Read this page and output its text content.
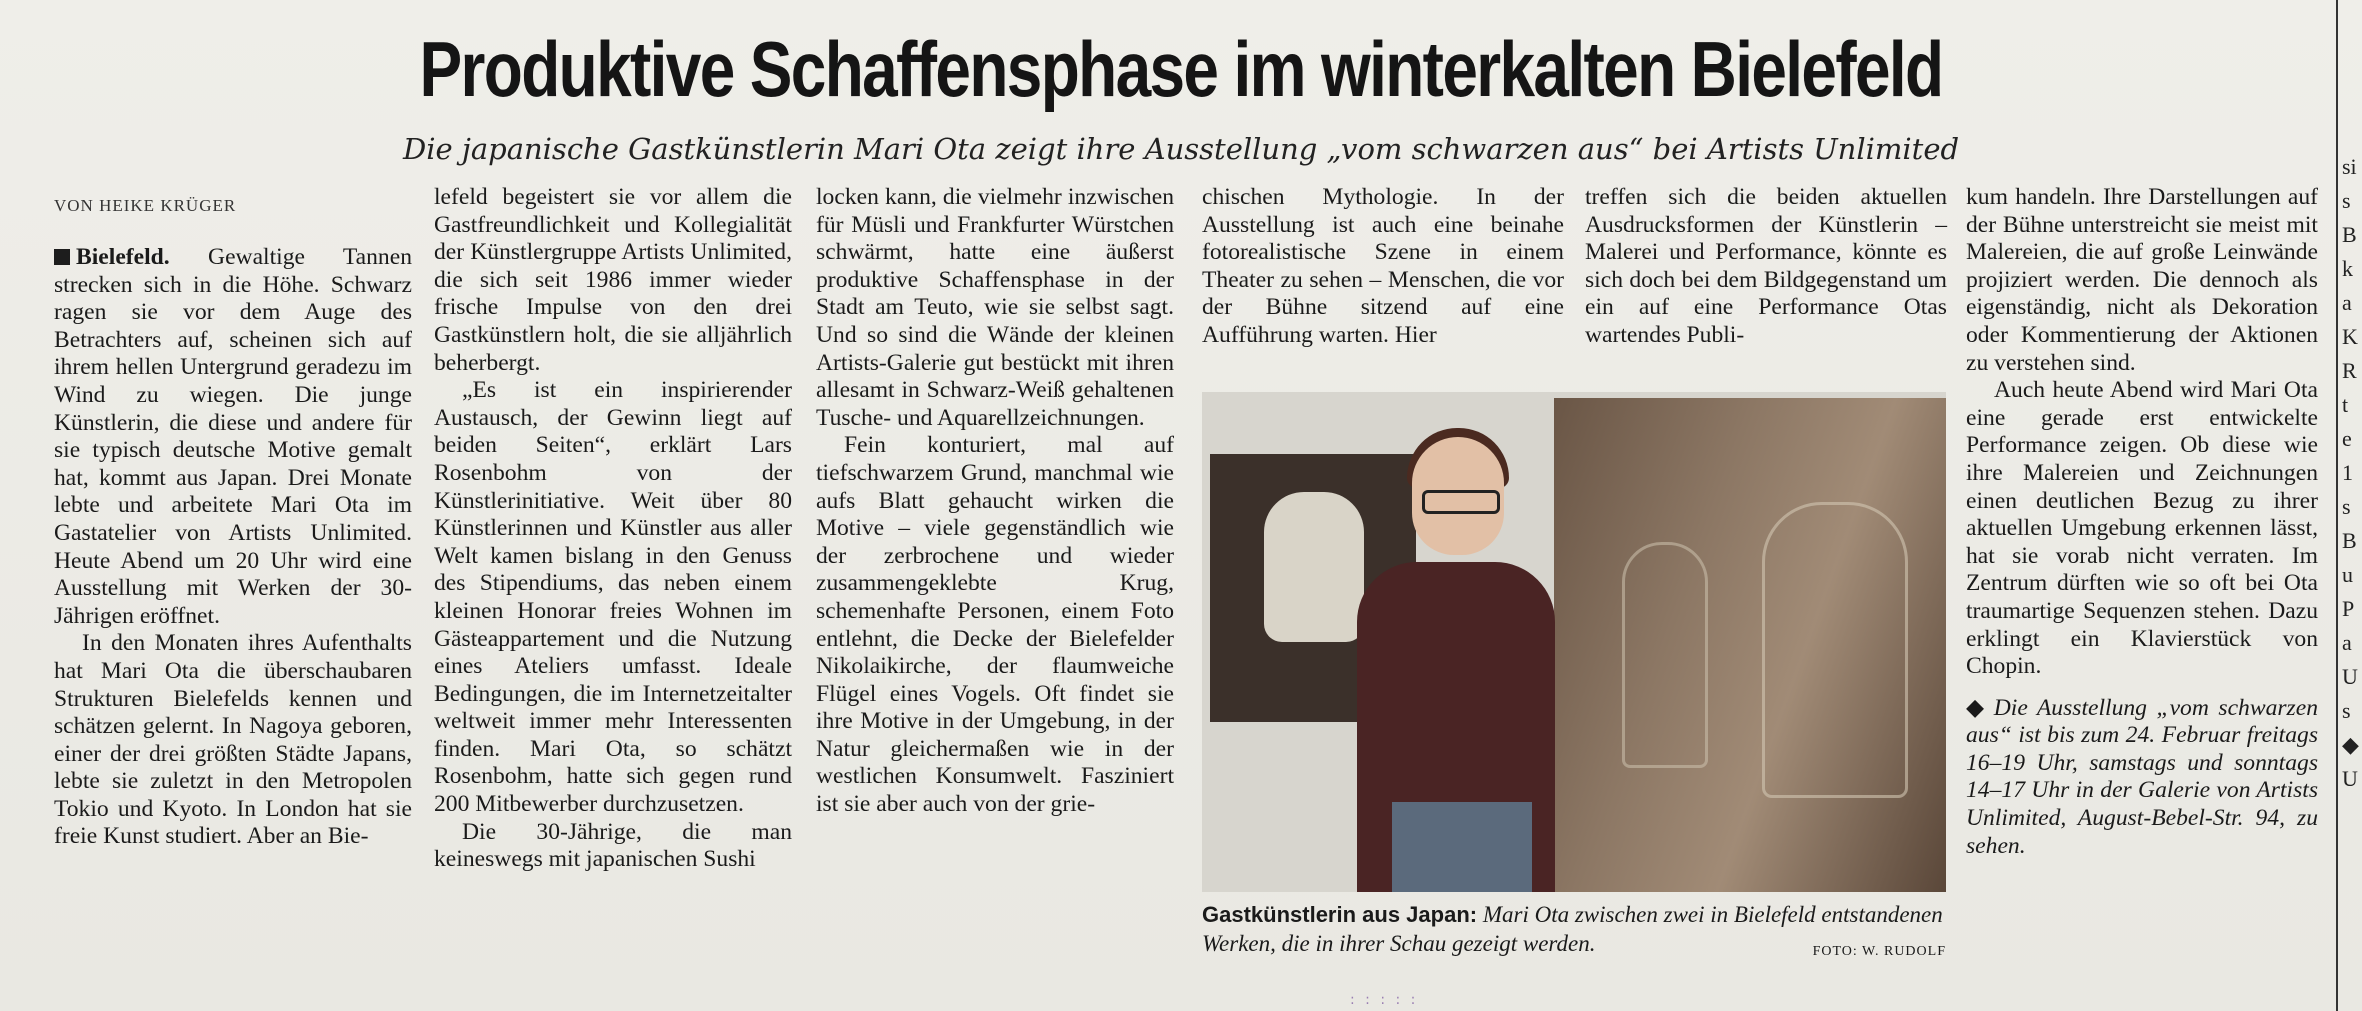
Produktive Schaffensphase im winterkalten Bielefeld
Die japanische Gastkünstlerin Mari Ota zeigt ihre Ausstellung „vom schwarzen aus“ bei Artists Unlimited
VON HEIKE KRÜGER

Bielefeld. Gewaltige Tannen strecken sich in die Höhe. Schwarz ragen sie vor dem Auge des Betrachters auf, scheinen sich auf ihrem hellen Untergrund geradezu im Wind zu wiegen. Die junge Künstlerin, die diese und andere für sie typisch deutsche Motive gemalt hat, kommt aus Japan. Drei Monate lebte und arbeitete Mari Ota im Gastatelier von Artists Unlimited. Heute Abend um 20 Uhr wird eine Ausstellung mit Werken der 30-Jährigen eröffnet.

In den Monaten ihres Aufenthalts hat Mari Ota die überschaubaren Strukturen Bielefelds kennen und schätzen gelernt. In Nagoya geboren, einer der drei größten Städte Japans, lebte sie zuletzt in den Metropolen Tokio und Kyoto. In London hat sie freie Kunst studiert. Aber an Bie-

lefeld begeistert sie vor allem die Gastfreundlichkeit und Kollegialität der Künstlergruppe Artists Unlimited, die sich seit 1986 immer wieder frische Impulse von den drei Gastkünstlern holt, die sie alljährlich beherbergt.

„Es ist ein inspirierender Austausch, der Gewinn liegt auf beiden Seiten“, erklärt Lars Rosenbohm von der Künstlerinitiative. Weit über 80 Künstlerinnen und Künstler aus aller Welt kamen bislang in den Genuss des Stipendiums, das neben einem kleinen Honorar freies Wohnen im Gästeappartement und die Nutzung eines Ateliers umfasst. Ideale Bedingungen, die im Internetzeitalter weltweit immer mehr Interessenten finden. Mari Ota, so schätzt Rosenbohm, hatte sich gegen rund 200 Mitbewerber durchzusetzen.

Die 30-Jährige, die man keineswegs mit japanischen Sushi

locken kann, die vielmehr inzwischen für Müsli und Frankfurter Würstchen schwärmt, hatte eine äußerst produktive Schaffensphase in der Stadt am Teuto, wie sie selbst sagt. Und so sind die Wände der kleinen Artists-Galerie gut bestückt mit ihren allesamt in Schwarz-Weiß gehaltenen Tusche- und Aquarellzeichnungen.

Fein konturiert, mal auf tiefschwarzem Grund, manchmal wie aufs Blatt gehaucht wirken die Motive – viele gegenständlich wie der zerbrochene und wieder zusammengeklebte Krug, schemenhafte Personen, einem Foto entlehnt, die Decke der Bielefelder Nikolaikirche, der flaumweiche Flügel eines Vogels. Oft findet sie ihre Motive in der Umgebung, in der Natur gleichermaßen wie in der westlichen Konsumwelt. Fasziniert ist sie aber auch von der grie-

chischen Mythologie. In der Ausstellung ist auch eine beinahe fotorealistische Szene in einem Theater zu sehen – Menschen, die vor der Bühne sitzend auf eine Aufführung warten. Hier

treffen sich die beiden aktuellen Ausdrucksformen der Künstlerin – Malerei und Performance, könnte es sich doch bei dem Bildgegenstand um ein auf eine Performance Otas wartendes Publi-

kum handeln. Ihre Darstellungen auf der Bühne unterstreicht sie meist mit Malereien, die auf große Leinwände projiziert werden. Die dennoch als eigenständig, nicht als Dekoration oder Kommentierung der Aktionen zu verstehen sind.

Auch heute Abend wird Mari Ota eine gerade erst entwickelte Performance zeigen. Ob diese wie ihre Malereien und Zeichnungen einen deutlichen Bezug zu ihrer aktuellen Umgebung erkennen lässt, hat sie vorab nicht verraten. Im Zentrum dürften wie so oft bei Ota traumartige Sequenzen stehen. Dazu erklingt ein Klavierstück von Chopin.

◆ Die Ausstellung „vom schwarzen aus“ ist bis zum 24. Februar freitags 16–19 Uhr, samstags und sonntags 14–17 Uhr in der Galerie von Artists Unlimited, August-Bebel-Str. 94, zu sehen.

Gastkünstlerin aus Japan: Mari Ota zwischen zwei in Bielefeld entstandenen Werken, die in ihrer Schau gezeigt werden.	FOTO: W. RUDOLF
: : : : :
si
s
B
k
a
K
R
t
e
1
s
B
u
P
a
U
s
◆
U
